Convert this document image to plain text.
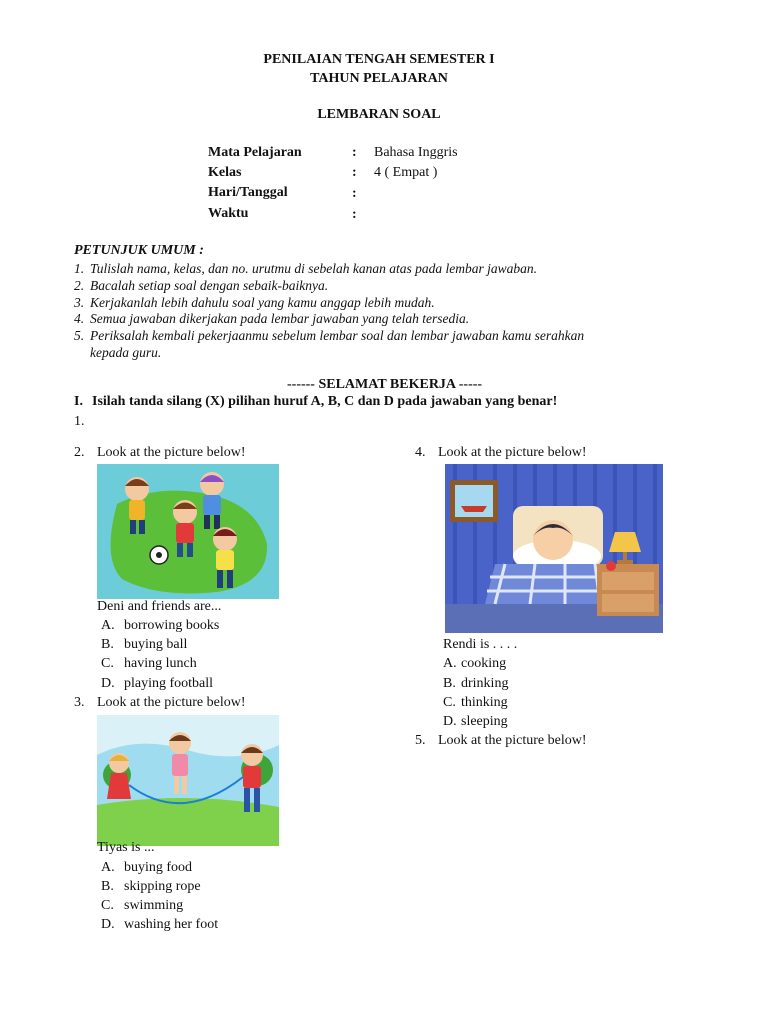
PENILAIAN TENGAH SEMESTER I
TAHUN PELAJARAN
LEMBARAN SOAL
Mata Pelajaran	: Bahasa Inggris
Kelas	: 4 ( Empat )
Hari/Tanggal	:
Waktu	:
PETUNJUK UMUM :
1. Tulislah nama, kelas, dan no. urutmu di sebelah kanan atas pada lembar jawaban.
2. Bacalah setiap soal dengan sebaik-baiknya.
3. Kerjakanlah lebih dahulu soal yang kamu anggap lebih mudah.
4. Semua jawaban dikerjakan pada lembar jawaban yang telah tersedia.
5. Periksalah kembali pekerjaanmu sebelum lembar soal dan lembar jawaban kamu serahkan
kepada guru.
------ SELAMAT BEKERJA -----
I. Isilah tanda silang (X) pilihan huruf A, B, C dan D pada jawaban yang benar!
1.
2. Look at the picture below!
Deni and friends are...
A. borrowing books
B. buying ball
C. having lunch
D. playing football
3. Look at the picture below!
Tiyas is ...
A. buying food
B. skipping rope
C. swimming
D. washing her foot
4. Look at the picture below!
Rendi is . . . .
A. cooking
B. drinking
C. thinking
D. sleeping
5. Look at the picture below!
